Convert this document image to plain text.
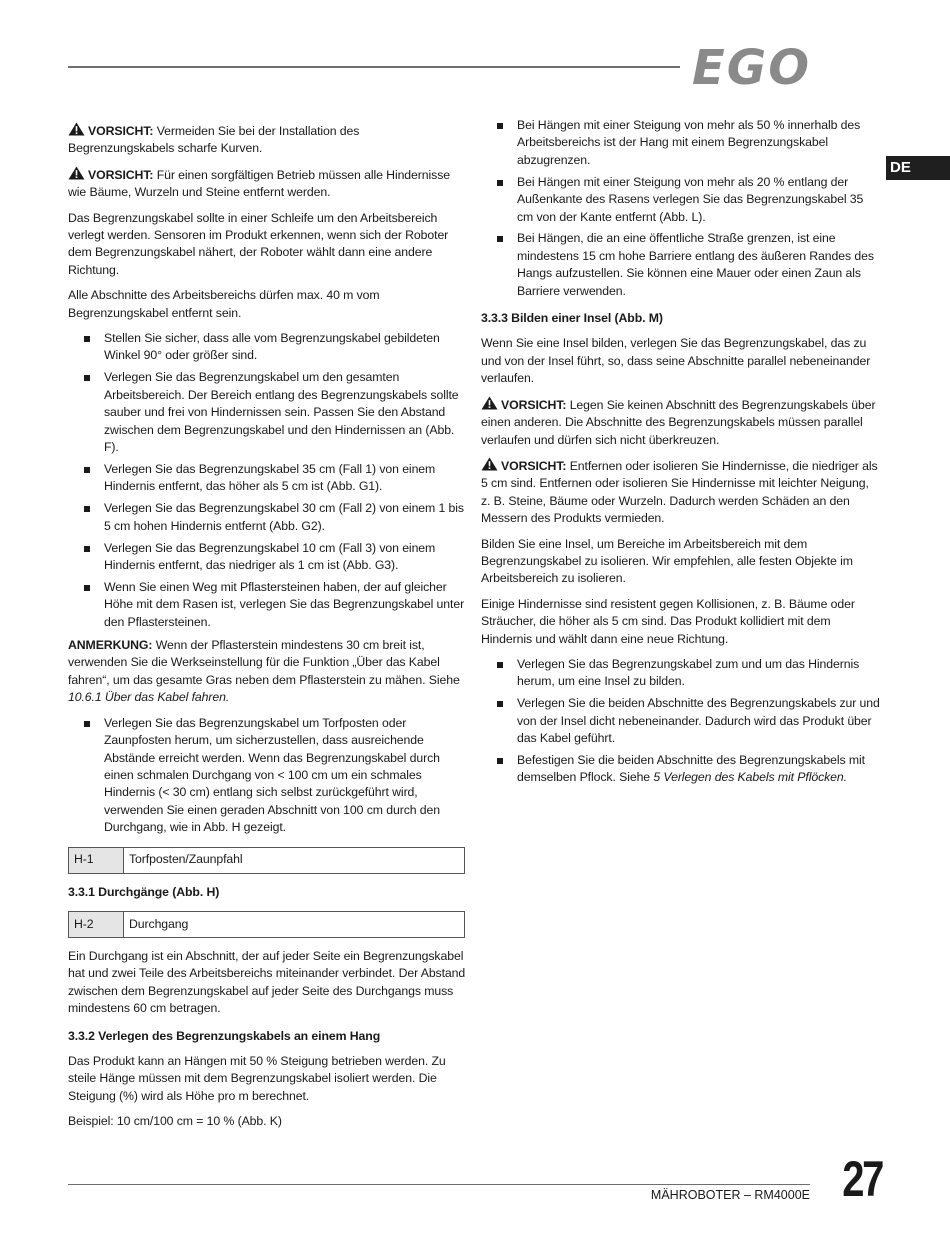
EGO
DE

VORSICHT: Vermeiden Sie bei der Installation des Begrenzungskabels scharfe Kurven.

VORSICHT: Für einen sorgfältigen Betrieb müssen alle Hindernisse wie Bäume, Wurzeln und Steine entfernt werden.

Das Begrenzungskabel sollte in einer Schleife um den Arbeitsbereich verlegt werden. Sensoren im Produkt erkennen, wenn sich der Roboter dem Begrenzungskabel nähert, der Roboter wählt dann eine andere Richtung.

Alle Abschnitte des Arbeitsbereichs dürfen max. 40 m vom Begrenzungskabel entfernt sein.

Stellen Sie sicher, dass alle vom Begrenzungskabel gebildeten Winkel 90° oder größer sind.
Verlegen Sie das Begrenzungskabel um den gesamten Arbeitsbereich. Der Bereich entlang des Begrenzungskabels sollte sauber und frei von Hindernissen sein. Passen Sie den Abstand zwischen dem Begrenzungskabel und den Hindernissen an (Abb. F).
Verlegen Sie das Begrenzungskabel 35 cm (Fall 1) von einem Hindernis entfernt, das höher als 5 cm ist (Abb. G1).
Verlegen Sie das Begrenzungskabel 30 cm (Fall 2) von einem 1 bis 5 cm hohen Hindernis entfernt (Abb. G2).
Verlegen Sie das Begrenzungskabel 10 cm (Fall 3) von einem Hindernis entfernt, das niedriger als 1 cm ist (Abb. G3).
Wenn Sie einen Weg mit Pflastersteinen haben, der auf gleicher Höhe mit dem Rasen ist, verlegen Sie das Begrenzungskabel unter den Pflastersteinen.

ANMERKUNG: Wenn der Pflasterstein mindestens 30 cm breit ist, verwenden Sie die Werkseinstellung für die Funktion „Über das Kabel fahren“, um das gesamte Gras neben dem Pflasterstein zu mähen. Siehe 10.6.1 Über das Kabel fahren.

Verlegen Sie das Begrenzungskabel um Torfposten oder Zaunpfosten herum, um sicherzustellen, dass ausreichende Abstände erreicht werden. Wenn das Begrenzungskabel durch einen schmalen Durchgang von < 100 cm um ein schmales Hindernis (< 30 cm) entlang sich selbst zurückgeführt wird, verwenden Sie einen geraden Abschnitt von 100 cm durch den Durchgang, wie in Abb. H gezeigt.
H-1	Torfposten/Zaunpfahl
3.3.1 Durchgänge (Abb. H)
H-2	Durchgang

Ein Durchgang ist ein Abschnitt, der auf jeder Seite ein Begrenzungskabel hat und zwei Teile des Arbeitsbereichs miteinander verbindet. Der Abstand zwischen dem Begrenzungskabel auf jeder Seite des Durchgangs muss mindestens 60 cm betragen.

3.3.2 Verlegen des Begrenzungskabels an einem Hang

Das Produkt kann an Hängen mit 50 % Steigung betrieben werden. Zu steile Hänge müssen mit dem Begrenzungskabel isoliert werden. Die Steigung (%) wird als Höhe pro m berechnet.

Beispiel: 10 cm/100 cm = 10 % (Abb. K)

Bei Hängen mit einer Steigung von mehr als 50 % innerhalb des Arbeitsbereichs ist der Hang mit einem Begrenzungskabel abzugrenzen.
Bei Hängen mit einer Steigung von mehr als 20 % entlang der Außenkante des Rasens verlegen Sie das Begrenzungskabel 35 cm von der Kante entfernt (Abb. L).
Bei Hängen, die an eine öffentliche Straße grenzen, ist eine mindestens 15 cm hohe Barriere entlang des äußeren Randes des Hangs aufzustellen. Sie können eine Mauer oder einen Zaun als Barriere verwenden.
3.3.3 Bilden einer Insel (Abb. M)

Wenn Sie eine Insel bilden, verlegen Sie das Begrenzungskabel, das zu und von der Insel führt, so, dass seine Abschnitte parallel nebeneinander verlaufen.

VORSICHT: Legen Sie keinen Abschnitt des Begrenzungskabels über einen anderen. Die Abschnitte des Begrenzungskabels müssen parallel verlaufen und dürfen sich nicht überkreuzen.

VORSICHT: Entfernen oder isolieren Sie Hindernisse, die niedriger als 5 cm sind. Entfernen oder isolieren Sie Hindernisse mit leichter Neigung, z. B. Steine, Bäume oder Wurzeln. Dadurch werden Schäden an den Messern des Produkts vermieden.

Bilden Sie eine Insel, um Bereiche im Arbeitsbereich mit dem Begrenzungskabel zu isolieren. Wir empfehlen, alle festen Objekte im Arbeitsbereich zu isolieren.

Einige Hindernisse sind resistent gegen Kollisionen, z. B. Bäume oder Sträucher, die höher als 5 cm sind. Das Produkt kollidiert mit dem Hindernis und wählt dann eine neue Richtung.

Verlegen Sie das Begrenzungskabel zum und um das Hindernis herum, um eine Insel zu bilden.
Verlegen Sie die beiden Abschnitte des Begrenzungskabels zur und von der Insel dicht nebeneinander. Dadurch wird das Produkt über das Kabel geführt.
Befestigen Sie die beiden Abschnitte des Begrenzungskabels mit demselben Pflock. Siehe 5 Verlegen des Kabels mit Pflöcken.
MÄHROBOTER – RM4000E 27
